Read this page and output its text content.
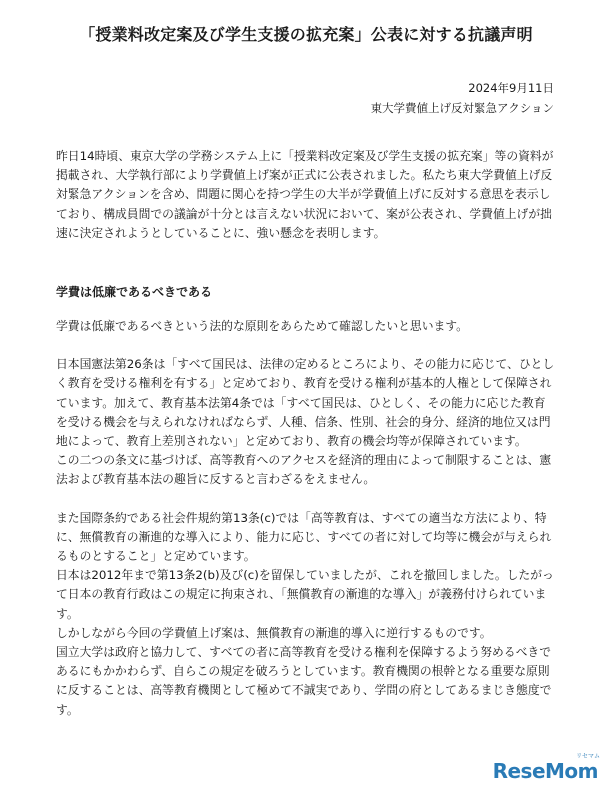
「授業料改定案及び学生支援の拡充案」公表に対する抗議声明
2024年9月11日
東大学費値上げ反対緊急アクション

昨日14時頃、東京大学の学務システム上に「授業料改定案及び学生支援の拡充案」等の資料が掲載され、大学執行部により学費値上げ案が正式に公表されました。私たち東大学費値上げ反対緊急アクションを含め、問題に関心を持つ学生の大半が学費値上げに反対する意思を表示しており、構成員間での議論が十分とは言えない状況において、案が公表され、学費値上げが拙速に決定されようとしていることに、強い懸念を表明します。

学費は低廉であるべきである

学費は低廉であるべきという法的な原則をあらためて確認したいと思います。

日本国憲法第26条は「すべて国民は、法律の定めるところにより、その能力に応じて、ひとしく教育を受ける権利を有する」と定めており、教育を受ける権利が基本的人権として保障されています。加えて、教育基本法第4条では「すべて国民は、ひとしく、その能力に応じた教育を受ける機会を与えられなければならず、人種、信条、性別、社会的身分、経済的地位又は門地によって、教育上差別されない」と定めており、教育の機会均等が保障されています。

この二つの条文に基づけば、高等教育へのアクセスを経済的理由によって制限することは、憲法および教育基本法の趣旨に反すると言わざるをえません。

また国際条約である社会件規約第13条(c)では「高等教育は、すべての適当な方法により、特に、無償教育の漸進的な導入により、能力に応じ、すべての者に対して均等に機会が与えられるものとすること」と定めています。

日本は2012年まで第13条2(b)及び(c)を留保していましたが、これを撤回しました。したがって日本の教育行政はこの規定に拘束され、「無償教育の漸進的な導入」が義務付けられています。

しかしながら今回の学費値上げ案は、無償教育の漸進的導入に逆行するものです。

国立大学は政府と協力して、すべての者に高等教育を受ける権利を保障するよう努めるべきであるにもかかわらず、自らこの規定を破ろうとしています。教育機関の根幹となる重要な原則に反することは、高等教育機関として極めて不誠実であり、学問の府としてあるまじき態度です。

リセマム
ReseMom
